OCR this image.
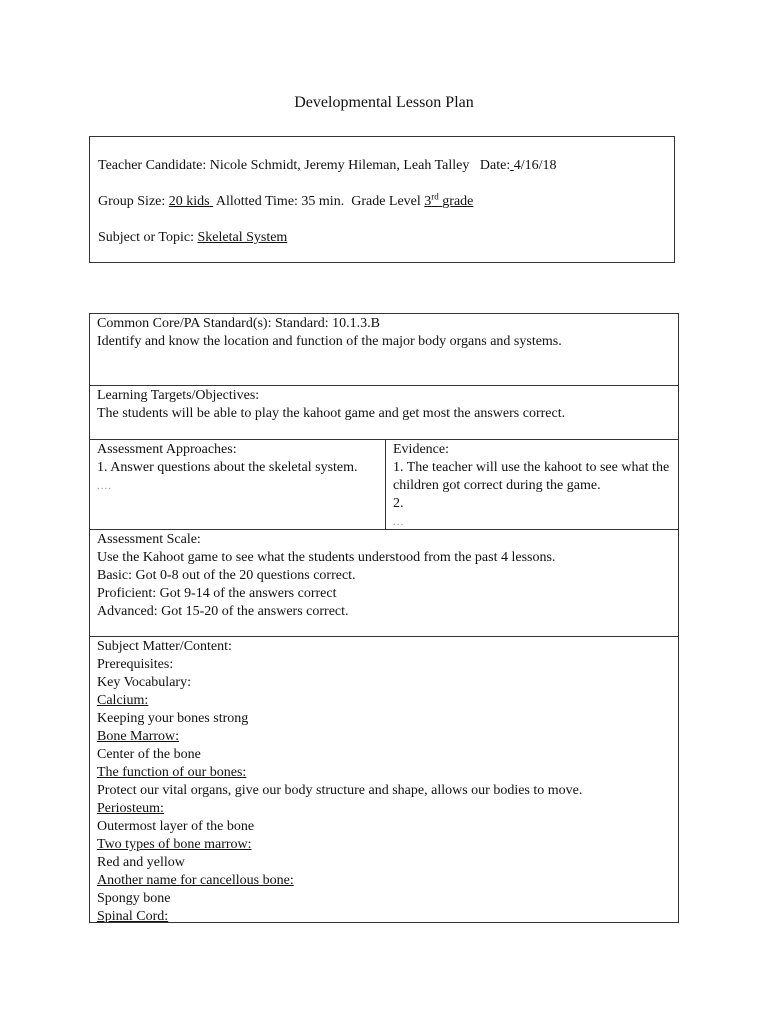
Developmental Lesson Plan
Teacher Candidate: Nicole Schmidt, Jeremy Hileman, Leah Talley Date: 4/16/18
Group Size: 20 kids Allotted Time: 35 min. Grade Level 3rd grade
Subject or Topic: Skeletal System
Common Core/PA Standard(s): Standard: 10.1.3.B
Identify and know the location and function of the major body organs and systems.
Learning Targets/Objectives:
The students will be able to play the kahoot game and get most the answers correct.
Assessment Approaches:
1. Answer questions about the skeletal system.
....
Evidence:
1. The teacher will use the kahoot to see what the children got correct during the game.
2.
...
Assessment Scale:
Use the Kahoot game to see what the students understood from the past 4 lessons.
Basic: Got 0-8 out of the 20 questions correct.
Proficient: Got 9-14 of the answers correct
Advanced: Got 15-20 of the answers correct.
Subject Matter/Content:
Prerequisites:
Key Vocabulary:
Calcium:
Keeping your bones strong
Bone Marrow:
Center of the bone
The function of our bones:
Protect our vital organs, give our body structure and shape, allows our bodies to move.
Periosteum:
Outermost layer of the bone
Two types of bone marrow:
Red and yellow
Another name for cancellous bone:
Spongy bone
Spinal Cord:
